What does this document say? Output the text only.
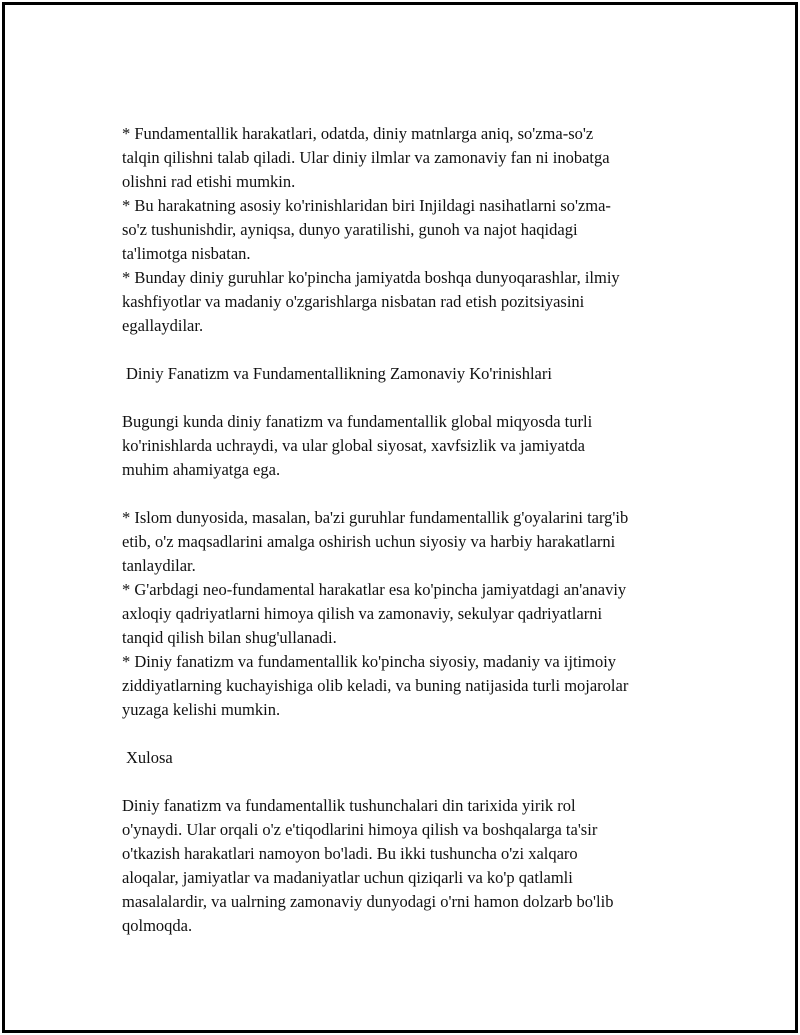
* Fundamentallik harakatlari, odatda, diniy matnlarga aniq, so'zma-so'z
talqin qilishni talab qiladi. Ular diniy ilmlar va zamonaviy fan ni inobatga
olishni rad etishi mumkin.
* Bu harakatning asosiy ko'rinishlaridan biri Injildagi nasihatlarni so'zma-
so'z tushunishdir, ayniqsa, dunyo yaratilishi, gunoh va najot haqidagi
ta'limotga nisbatan.
* Bunday diniy guruhlar ko'pincha jamiyatda boshqa dunyoqarashlar, ilmiy
kashfiyotlar va madaniy o'zgarishlarga nisbatan rad etish pozitsiyasini
egallaydilar.
Diniy Fanatizm va Fundamentallikning Zamonaviy Ko'rinishlari
Bugungi kunda diniy fanatizm va fundamentallik global miqyosda turli
ko'rinishlarda uchraydi, va ular global siyosat, xavfsizlik va jamiyatda
muhim ahamiyatga ega.
* Islom dunyosida, masalan, ba'zi guruhlar fundamentallik g'oyalarini targ'ib
etib, o'z maqsadlarini amalga oshirish uchun siyosiy va harbiy harakatlarni
tanlaydilar.
* G'arbdagi neo-fundamental harakatlar esa ko'pincha jamiyatdagi an'anaviy
axloqiy qadriyatlarni himoya qilish va zamonaviy, sekulyar qadriyatlarni
tanqid qilish bilan shug'ullanadi.
* Diniy fanatizm va fundamentallik ko'pincha siyosiy, madaniy va ijtimoiy
ziddiyatlarning kuchayishiga olib keladi, va buning natijasida turli mojarolar
yuzaga kelishi mumkin.
Xulosa
Diniy fanatizm va fundamentallik tushunchalari din tarixida yirik rol
o'ynaydi. Ular orqali o'z e'tiqodlarini himoya qilish va boshqalarga ta'sir
o'tkazish harakatlari namoyon bo'ladi. Bu ikki tushuncha o'zi xalqaro
aloqalar, jamiyatlar va madaniyatlar uchun qiziqarli va ko'p qatlamli
masalalardir, va ualrning zamonaviy dunyodagi o'rni hamon dolzarb bo'lib
qolmoqda.
